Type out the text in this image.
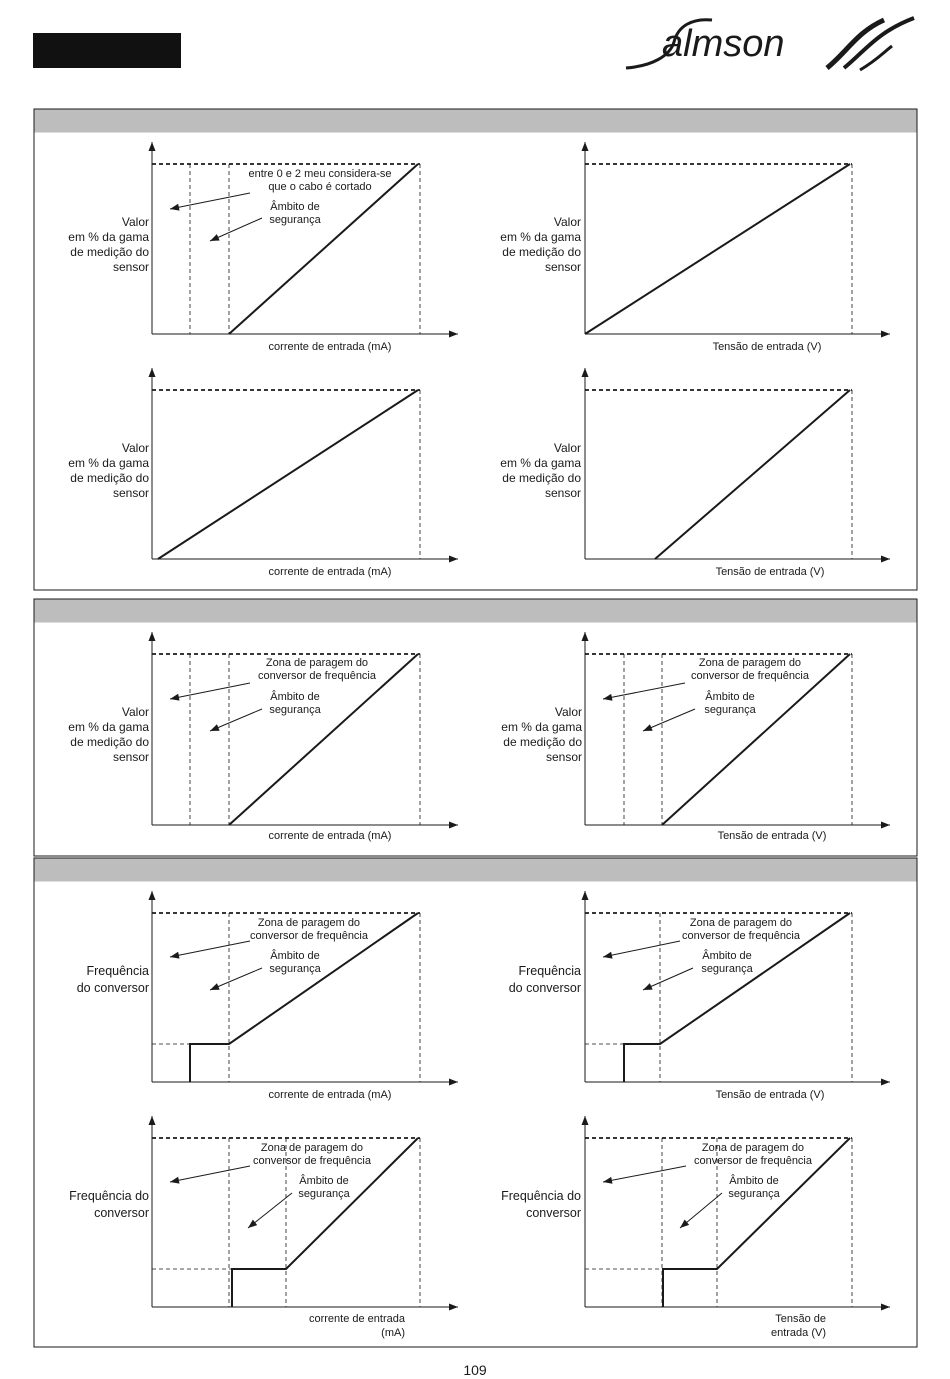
almson
Valor em % da gama de medição do sensor
corrente de entrada (mA)
entre 0 e 2 meu considera-se que o cabo é cortado
Âmbito de segurança	Valor em % da gama de medição do sensor
Tensão de entrada (V)
Valor em % da gama de medição do sensor
corrente de entrada (mA)
Valor em % da gama de medição do sensor
Tensão de entrada (V)
Valor em % da gama de medição do sensor
corrente de entrada (mA)
Zona de paragem do conversor de frequência
Âmbito de segurança	Valor em % da gama de medição do sensor
Tensão de entrada (V)
Zona de paragem do conversor de frequência
Âmbito de segurança
Frequência do conversor
corrente de entrada (mA)
Zona de paragem do conversor de frequência
Âmbito de segurança	Frequência do conversor
Tensão de entrada (V)
Zona de paragem do conversor de frequência
Âmbito de segurança
Frequência do conversor
corrente de entrada (mA)
Zona de paragem do conversor de frequência
Âmbito de segurança	Frequência do conversor
Tensão de entrada (V)
Zona de paragem do conversor de frequência
Âmbito de segurança
109
